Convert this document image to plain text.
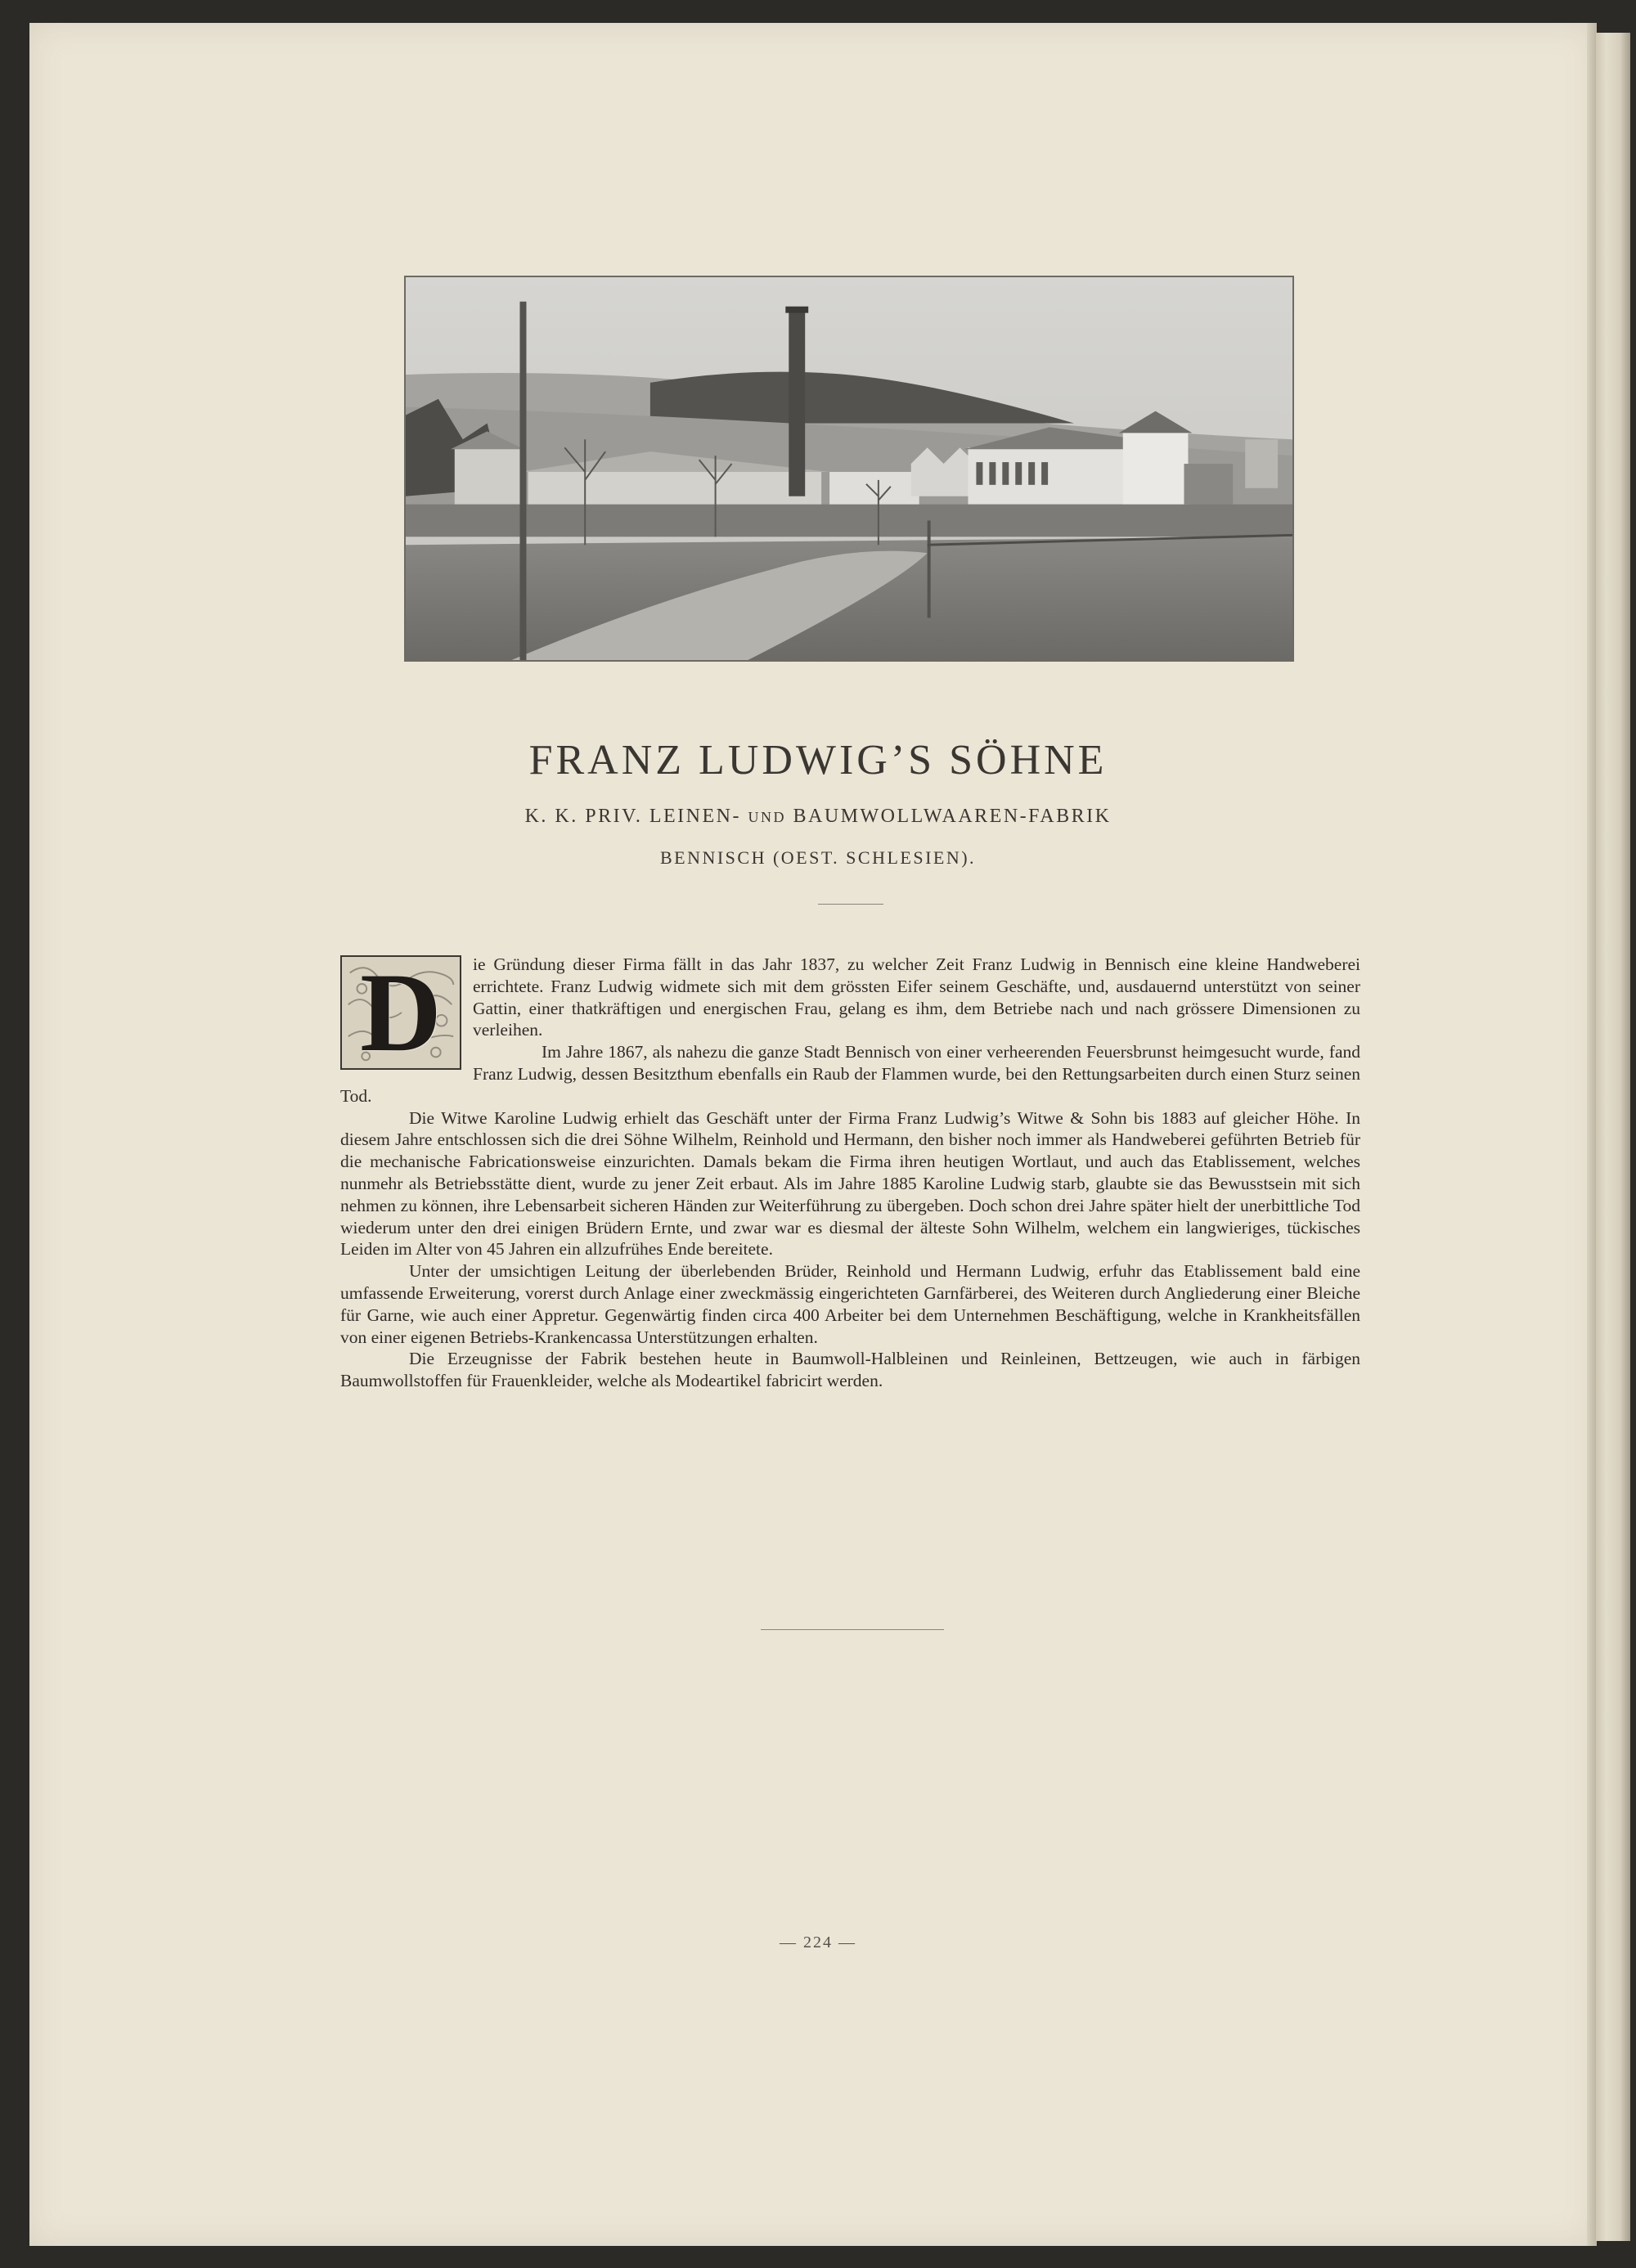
FRANZ LUDWIG’S SÖHNE
K. K. PRIV. LEINEN- UND BAUMWOLLWAAREN-FABRIK
BENNISCH (OEST. SCHLESIEN).
D	ie Gründung dieser Firma fällt in das Jahr 1837, zu welcher Zeit Franz Ludwig in Bennisch eine kleine Handweberei errichtete. Franz Ludwig widmete sich mit dem grössten Eifer seinem Geschäfte, und, ausdauernd unterstützt von seiner Gattin, einer thatkräftigen und energischen Frau, gelang es ihm, dem Betriebe nach und nach grössere Dimensionen zu verleihen.

Im Jahre 1867, als nahezu die ganze Stadt Bennisch von einer verheerenden Feuersbrunst heimgesucht wurde, fand Franz Ludwig, dessen Besitzthum ebenfalls ein Raub der Flammen wurde, bei den Rettungsarbeiten durch einen Sturz seinen Tod.

Die Witwe Karoline Ludwig erhielt das Geschäft unter der Firma Franz Ludwig’s Witwe & Sohn bis 1883 auf gleicher Höhe. In diesem Jahre entschlossen sich die drei Söhne Wilhelm, Reinhold und Hermann, den bisher noch immer als Handweberei geführten Betrieb für die mechanische Fabricationsweise einzurichten. Damals bekam die Firma ihren heutigen Wortlaut, und auch das Etablissement, welches nunmehr als Betriebsstätte dient, wurde zu jener Zeit erbaut. Als im Jahre 1885 Karoline Ludwig starb, glaubte sie das Bewusstsein mit sich nehmen zu können, ihre Lebensarbeit sicheren Händen zur Weiterführung zu übergeben. Doch schon drei Jahre später hielt der unerbittliche Tod wiederum unter den drei einigen Brüdern Ernte, und zwar war es diesmal der älteste Sohn Wilhelm, welchem ein langwieriges, tückisches Leiden im Alter von 45 Jahren ein allzufrühes Ende bereitete.

Unter der umsichtigen Leitung der überlebenden Brüder, Reinhold und Hermann Ludwig, erfuhr das Etablissement bald eine umfassende Erweiterung, vorerst durch Anlage einer zweckmässig eingerichteten Garnfärberei, des Weiteren durch Angliederung einer Bleiche für Garne, wie auch einer Appretur. Gegenwärtig finden circa 400 Arbeiter bei dem Unternehmen Beschäftigung, welche in Krankheitsfällen von einer eigenen Betriebs-Krankencassa Unterstützungen erhalten.

Die Erzeugnisse der Fabrik bestehen heute in Baumwoll-Halbleinen und Reinleinen, Bettzeugen, wie auch in färbigen Baumwollstoffen für Frauenkleider, welche als Modeartikel fabricirt werden.

— 224 —
